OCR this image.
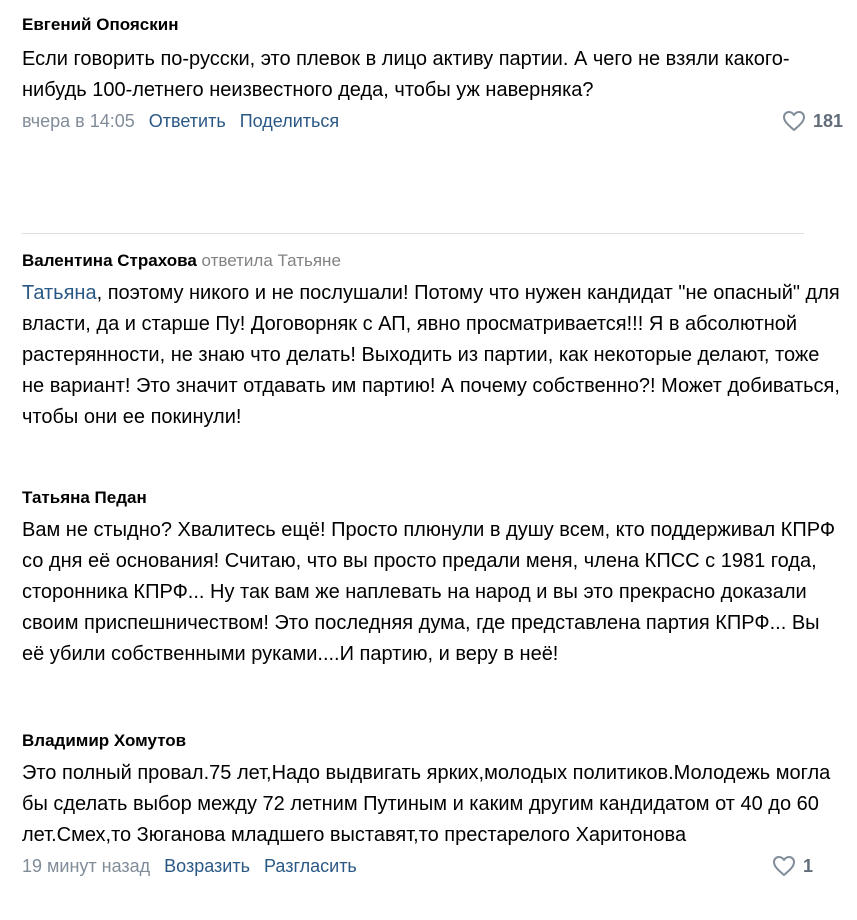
Евгений Опояскин
Если говорить по-русски, это плевок в лицо активу партии. А чего не взяли какого-нибудь 100-летнего неизвестного деда, чтобы уж наверняка?
вчера в 14:05 Ответить Поделиться	181
Валентина Страхова ответила Татьяне
Татьяна, поэтому никого и не послушали! Потому что нужен кандидат "не опасный" для власти, да и старше Пу! Договорняк с АП, явно просматривается!!! Я в абсолютной растерянности, не знаю что делать! Выходить из партии, как некоторые делают, тоже не вариант! Это значит отдавать им партию! А почему собственно?! Может добиваться, чтобы они ее покинули!
Татьяна Педан
Вам не стыдно? Хвалитесь ещё! Просто плюнули в душу всем, кто поддерживал КПРФ со дня её основания! Считаю, что вы просто предали меня, члена КПСС с 1981 года, сторонника КПРФ... Ну так вам же наплевать на народ и вы это прекрасно доказали своим приспешничеством! Это последняя дума, где представлена партия КПРФ... Вы её убили собственными руками....И партию, и веру в неё!
Владимир Хомутов
Это полный провал.75 лет,Надо выдвигать ярких,молодых политиков.Молодежь могла бы сделать выбор между 72 летним Путиным и каким другим кандидатом от 40 до 60 лет.Смех,то Зюганова младшего выставят,то престарелого Харитонова
19 минут назад Возразить Разгласить	1
